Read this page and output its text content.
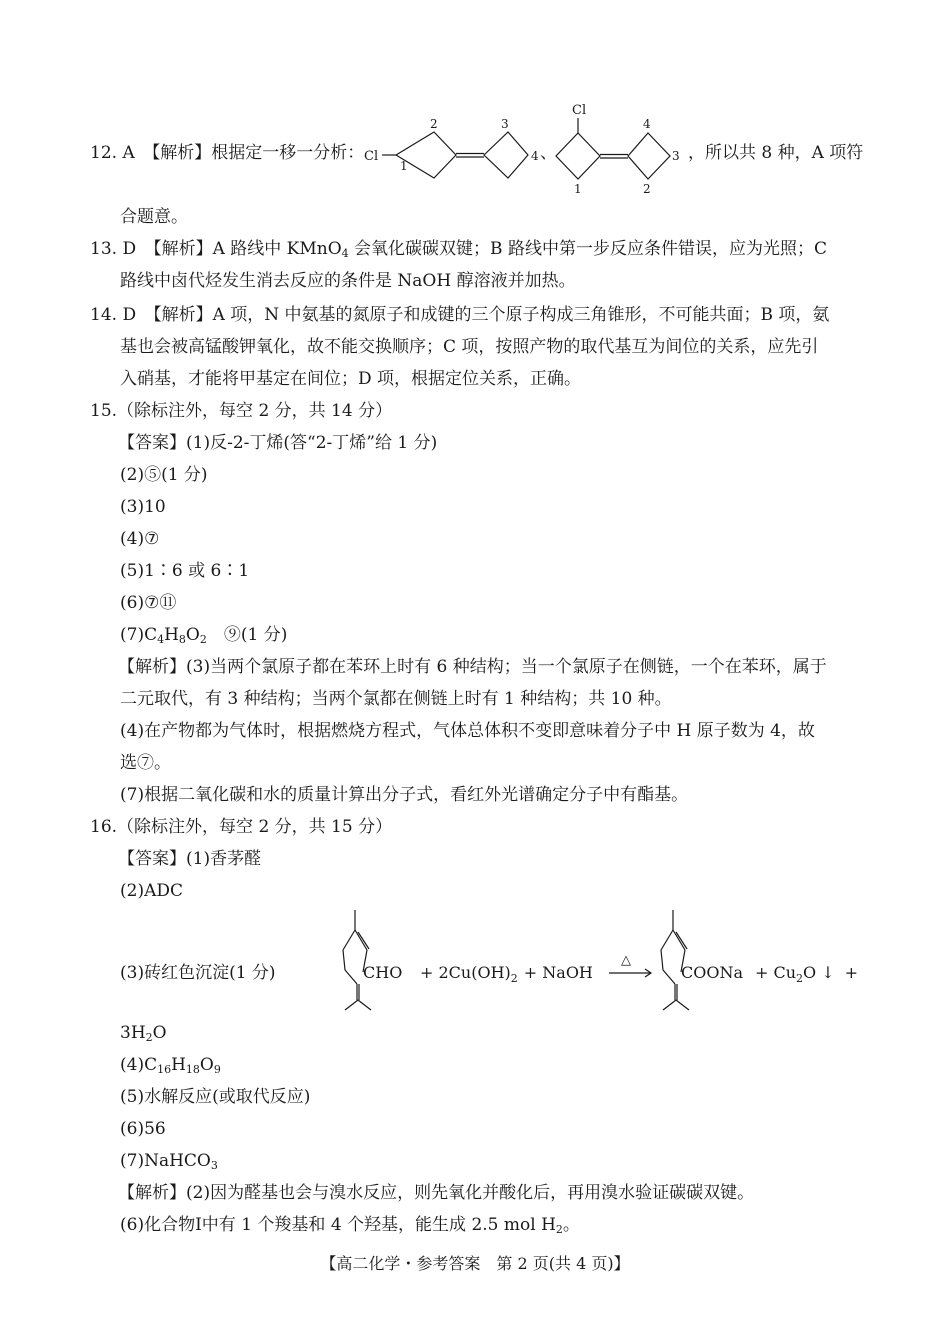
12. A　【解析】根据定一移一分析： Cl
1
2	3
4 、
Cl
1	2
3
4
，所以共 8 种，A 项符
合题意。
13. D　【解析】A 路线中 KMnO$_4$ 会氧化碳碳双键；B 路线中第一步反应条件错误，应为光照；C
路线中卤代烃发生消去反应的条件是 NaOH 醇溶液并加热。
14. D　【解析】A 项，N 中氨基的氮原子和成键的三个原子构成三角锥形，不可能共面；B 项，氨
基也会被高锰酸钾氧化，故不能交换顺序；C 项，按照产物的取代基互为间位的关系，应先引
入硝基，才能将甲基定在间位；D 项，根据定位关系，正确。
15.（除标注外，每空 2 分，共 14 分）
【答案】(1)反-2-丁烯(答“2-丁烯”给 1 分)
(2)⑤(1 分)
(3)10
(4)⑦
(5)1∶6 或 6∶1
(6)⑦⑪
$(7)C_4H_8O_2$　⑨(1 分)
【解析】(3)当两个氯原子都在苯环上时有 6 种结构；当一个氯原子在侧链，一个在苯环，属于
二元取代，有 3 种结构；当两个氯都在侧链上时有 1 种结构；共 10 种。
(4)在产物都为气体时，根据燃烧方程式，气体总体积不变即意味着分子中 H 原子数为 4，故
选⑦。
(7)根据二氧化碳和水的质量计算出分子式，看红外光谱确定分子中有酯基。
16.（除标注外，每空 2 分，共 15 分）
【答案】(1)香茅醛
(2)ADC
(3)砖红色沉淀(1 分)	CHO + $2Cu(OH)_2$ + NaOH
△
COONa + $Cu_2O$ ↓ +
$3H_2O$
$(4)C_{16}H_{18}O_9$
(5)水解反应(或取代反应)
(6)56
(7)NaHCO$_3$
【解析】(2)因为醛基也会与溴水反应，则先氧化并酸化后，再用溴水验证碳碳双键。
(6)化合物Ⅰ中有 1 个羧基和 4 个羟基，能生成 2.5 mol $H_2$。
【高二化学・参考答案　第 2 页(共 4 页)】
